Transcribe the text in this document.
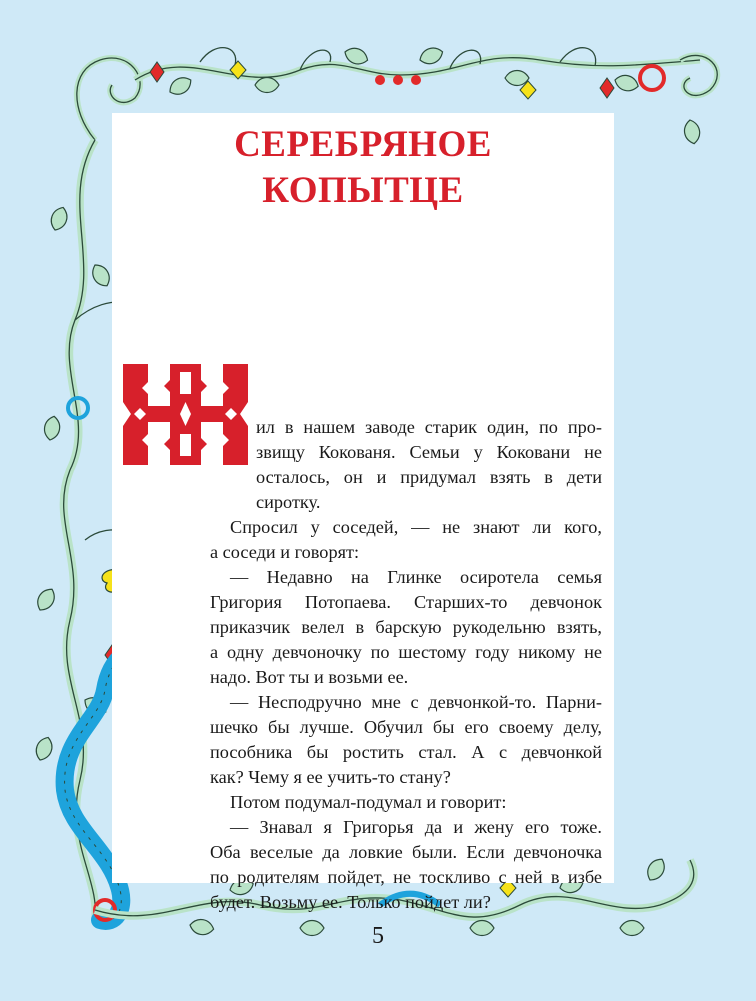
СЕРЕБРЯНОЕ
КОПЫТЦЕ
ил в нашем заводе старик один, по про-
звищу Кокованя. Семьи у Коковани не
осталось, он и придумал взять в дети
сиротку.
Спросил у соседей, — не знают ли кого,
а соседи и говорят:
— Недавно на Глинке осиротела семья
Григория Потопаева. Старших-то девчонок
приказчик велел в барскую рукодельню взять,
а одну девчоночку по шестому году никому не
надо. Вот ты и возьми ее.
— Несподручно мне с девчонкой-то. Парни-
шечко бы лучше. Обучил бы его своему делу,
пособника бы ростить стал. А с девчонкой
как? Чему я ее учить-то стану?
Потом подумал-подумал и говорит:
— Знавал я Григорья да и жену его тоже.
Оба веселые да ловкие были. Если девчоночка
по родителям пойдет, не тоскливо с ней в избе
будет. Возьму ее. Только пойдет ли?
5
